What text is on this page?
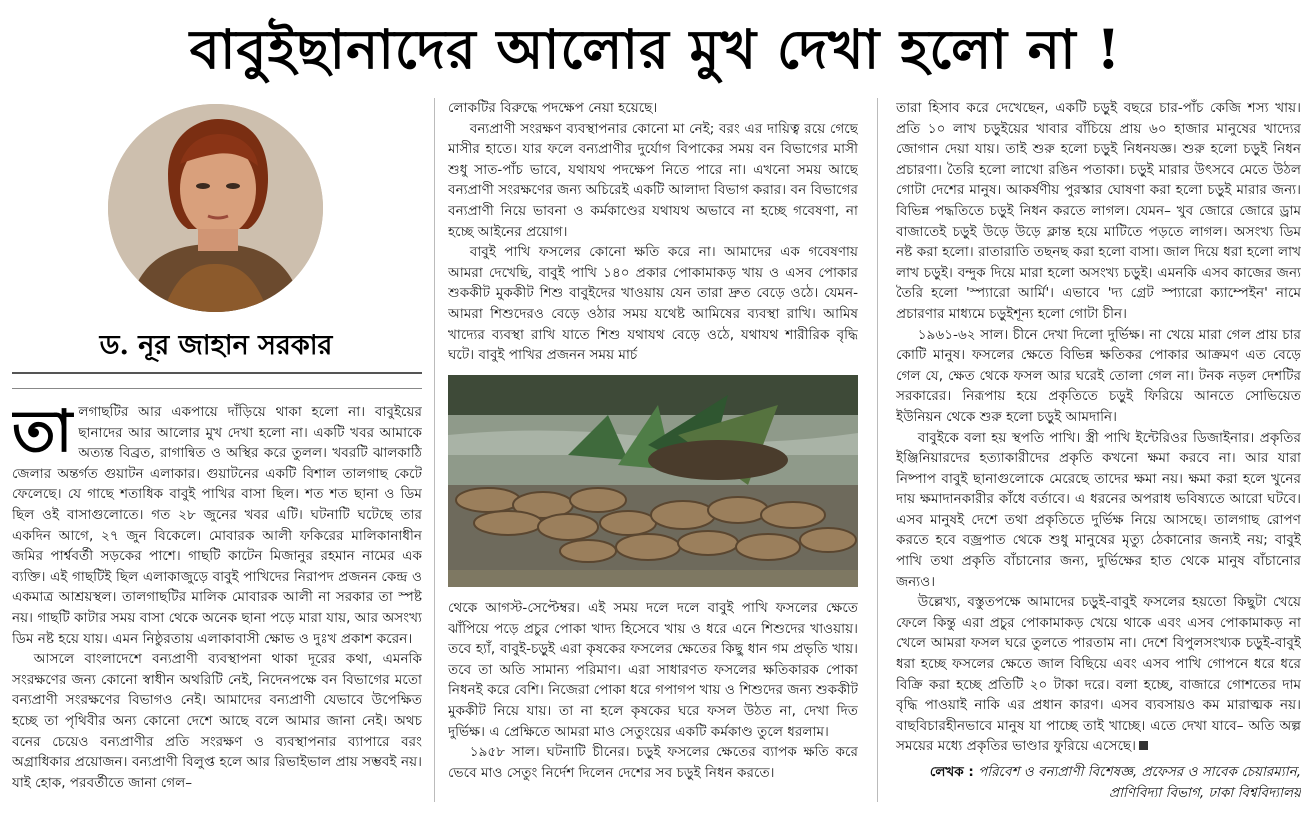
বাবুইছানাদের আলোর মুখ দেখা হলো না !
ড. নূর জাহান সরকার

তালগাছটির আর একপায়ে দাঁড়িয়ে থাকা হলো না। বাবুইয়ের ছানাদের আর আলোর মুখ দেখা হলো না। একটি খবর আমাকে অত্যন্ত বিব্রত, রাগান্বিত ও অস্থির করে তুলল। খবরটি ঝালকাঠি জেলার অন্তর্গত গুয়াটন এলাকার। গুয়াটনের একটি বিশাল তালগাছ কেটে ফেলেছে। যে গাছে শতাধিক বাবুই পাখির বাসা ছিল। শত শত ছানা ও ডিম ছিল ওই বাসাগুলোতে। গত ২৮ জুনের খবর এটি। ঘটনাটি ঘটেছে তার একদিন আগে, ২৭ জুন বিকেলে। মোবারক আলী ফকিরের মালিকানাধীন জমির পার্শ্ববর্তী সড়কের পাশে। গাছটি কাটেন মিজানুর রহমান নামের এক ব্যক্তি। এই গাছটিই ছিল এলাকাজুড়ে বাবুই পাখিদের নিরাপদ প্রজনন কেন্দ্র ও একমাত্র আশ্রয়স্থল। তালগাছটির মালিক মোবারক আলী না সরকার তা স্পষ্ট নয়। গাছটি কাটার সময় বাসা থেকে অনেক ছানা পড়ে মারা যায়, আর অসংখ্য ডিম নষ্ট হয়ে যায়। এমন নিষ্ঠুরতায় এলাকাবাসী ক্ষোভ ও দুঃখ প্রকাশ করেন।

আসলে বাংলাদেশে বন্যপ্রাণী ব্যবস্থাপনা থাকা দূরের কথা, এমনকি সংরক্ষণের জন্য কোনো স্বাধীন অথরিটি নেই, নিদেনপক্ষে বন বিভাগের মতো বন্যপ্রাণী সংরক্ষণের বিভাগও নেই। আমাদের বন্যপ্রাণী যেভাবে উপেক্ষিত হচ্ছে তা পৃথিবীর অন্য কোনো দেশে আছে বলে আমার জানা নেই। অথচ বনের চেয়েও বন্যপ্রাণীর প্রতি সংরক্ষণ ও ব্যবস্থাপনার ব্যাপারে বরং অগ্রাধিকার প্রয়োজন। বন্যপ্রাণী বিলুপ্ত হলে আর রিভাইভাল প্রায় সম্ভবই নয়। যাই হোক, পরবর্তীতে জানা গেল–

লোকটির বিরুদ্ধে পদক্ষেপ নেয়া হয়েছে।

বন্যপ্রাণী সংরক্ষণ ব্যবস্থাপনার কোনো মা নেই; বরং এর দায়িত্ব রয়ে গেছে মাসীর হাতে। যার ফলে বন্যপ্রাণীর দুর্যোগ বিপাকের সময় বন বিভাগের মাসী শুধু সাত-পাঁচ ভাবে, যথাযথ পদক্ষেপ নিতে পারে না। এখনো সময় আছে বন্যপ্রাণী সংরক্ষণের জন্য অচিরেই একটি আলাদা বিভাগ করার। বন বিভাগের বন্যপ্রাণী নিয়ে ভাবনা ও কর্মকাণ্ডের যথাযথ অভাবে না হচ্ছে গবেষণা, না হচ্ছে আইনের প্রয়োগ।

বাবুই পাখি ফসলের কোনো ক্ষতি করে না। আমাদের এক গবেষণায় আমরা দেখেছি, বাবুই পাখি ১৪০ প্রকার পোকামাকড় খায় ও এসব পোকার শুককীট মুককীট শিশু বাবুইদের খাওয়ায় যেন তারা দ্রুত বেড়ে ওঠে। যেমন- আমরা শিশুদেরও বেড়ে ওঠার সময় যথেষ্ট আমিষের ব্যবস্থা রাখি। আমিষ খাদ্যের ব্যবস্থা রাখি যাতে শিশু যথাযথ বেড়ে ওঠে, যথাযথ শারীরিক বৃদ্ধি ঘটে। বাবুই পাখির প্রজনন সময় মার্চ

থেকে আগস্ট-সেপ্টেম্বর। এই সময় দলে দলে বাবুই পাখি ফসলের ক্ষেতে ঝাঁপিয়ে পড়ে প্রচুর পোকা খাদ্য হিসেবে খায় ও ধরে এনে শিশুদের খাওয়ায়। তবে হ্যাঁ, বাবুই-চড়ুই এরা কৃষকের ফসলের ক্ষেতের কিছু ধান গম প্রভৃতি খায়। তবে তা অতি সামান্য পরিমাণ। এরা সাধারণত ফসলের ক্ষতিকারক পোকা নিধনই করে বেশি। নিজেরা পোকা ধরে গপাগপ খায় ও শিশুদের জন্য শুককীট মুককীট নিয়ে যায়। তা না হলে কৃষকের ঘরে ফসল উঠত না, দেখা দিত দুর্ভিক্ষ। এ প্রেক্ষিতে আমরা মাও সেতুংয়ের একটি কর্মকাণ্ড তুলে ধরলাম।

১৯৫৮ সাল। ঘটনাটি চীনের। চড়ুই ফসলের ক্ষেতের ব্যাপক ক্ষতি করে ভেবে মাও সেতুং নির্দেশ দিলেন দেশের সব চড়ুই নিধন করতে।

তারা হিসাব করে দেখেছেন, একটি চড়ুই বছরে চার-পাঁচ কেজি শস্য খায়। প্রতি ১০ লাখ চড়ুইয়ের খাবার বাঁচিয়ে প্রায় ৬০ হাজার মানুষের খাদ্যের জোগান দেয়া যায়। তাই শুরু হলো চড়ুই নিধনযজ্ঞ। শুরু হলো চড়ুই নিধন প্রচারণা। তৈরি হলো লাখো রঙিন পতাকা। চড়ুই মারার উৎসবে মেতে উঠল গোটা দেশের মানুষ। আকর্ষণীয় পুরস্কার ঘোষণা করা হলো চড়ুই মারার জন্য। বিভিন্ন পদ্ধতিতে চড়ুই নিধন করতে লাগল। যেমন– খুব জোরে জোরে ড্রাম বাজাতেই চড়ুই উড়ে উড়ে ক্লান্ত হয়ে মাটিতে পড়তে লাগল। অসংখ্য ডিম নষ্ট করা হলো। রাতারাতি তছনছ করা হলো বাসা। জাল দিয়ে ধরা হলো লাখ লাখ চড়ুই। বন্দুক দিয়ে মারা হলো অসংখ্য চড়ুই। এমনকি এসব কাজের জন্য তৈরি হলো 'স্প্যারো আর্মি'। এভাবে 'দ্য গ্রেট স্প্যারো ক্যাম্পেইন' নামে প্রচারণার মাধ্যমে চড়ুইশূন্য হলো গোটা চীন।

১৯৬১-৬২ সাল। চীনে দেখা দিলো দুর্ভিক্ষ। না খেয়ে মারা গেল প্রায় চার কোটি মানুষ। ফসলের ক্ষেতে বিভিন্ন ক্ষতিকর পোকার আক্রমণ এত বেড়ে গেল যে, ক্ষেত থেকে ফসল আর ঘরেই তোলা গেল না। টনক নড়ল দেশটির সরকারের। নিরূপায় হয়ে প্রকৃতিতে চড়ুই ফিরিয়ে আনতে সোভিয়েত ইউনিয়ন থেকে শুরু হলো চড়ুই আমদানি।

বাবুইকে বলা হয় স্থপতি পাখি। স্ত্রী পাখি ইন্টেরিওর ডিজাইনার। প্রকৃতির ইঞ্জিনিয়ারদের হত্যাকারীদের প্রকৃতি কখনো ক্ষমা করবে না। আর যারা নিষ্পাপ বাবুই ছানাগুলোকে মেরেছে তাদের ক্ষমা নয়। ক্ষমা করা হলে খুনের দায় ক্ষমাদানকারীর কাঁধে বর্তাবে। এ ধরনের অপরাধ ভবিষ্যতে আরো ঘটবে। এসব মানুষই দেশে তথা প্রকৃতিতে দুর্ভিক্ষ নিয়ে আসছে। তালগাছ রোপণ করতে হবে বজ্রপাত থেকে শুধু মানুষের মৃত্যু ঠেকানোর জন্যই নয়; বাবুই পাখি তথা প্রকৃতি বাঁচানোর জন্য, দুর্ভিক্ষের হাত থেকে মানুষ বাঁচানোর জন্যও।

উল্লেখ্য, বস্তুতপক্ষে আমাদের চড়ুই-বাবুই ফসলের হয়তো কিছুটা খেয়ে ফেলে কিন্তু এরা প্রচুর পোকামাকড় খেয়ে থাকে এবং এসব পোকামাকড় না খেলে আমরা ফসল ঘরে তুলতে পারতাম না। দেশে বিপুলসংখ্যক চড়ুই-বাবুই ধরা হচ্ছে ফসলের ক্ষেতে জাল বিছিয়ে এবং এসব পাখি গোপনে ধরে ধরে বিক্রি করা হচ্ছে প্রতিটি ২০ টাকা দরে। বলা হচ্ছে, বাজারে গোশতের দাম বৃদ্ধি পাওয়াই নাকি এর প্রধান কারণ। এসব ব্যবসায়ও কম মারাত্মক নয়। বাছবিচারহীনভাবে মানুষ যা পাচ্ছে তাই খাচ্ছে। এতে দেখা যাবে– অতি অল্প সময়ের মধ্যে প্রকৃতির ভাণ্ডার ফুরিয়ে এসেছে।

লেখক : পরিবেশ ও বন্যপ্রাণী বিশেষজ্ঞ, প্রফেসর ও সাবেক চেয়ারম্যান, প্রাণিবিদ্যা বিভাগ, ঢাকা বিশ্ববিদ্যালয়
